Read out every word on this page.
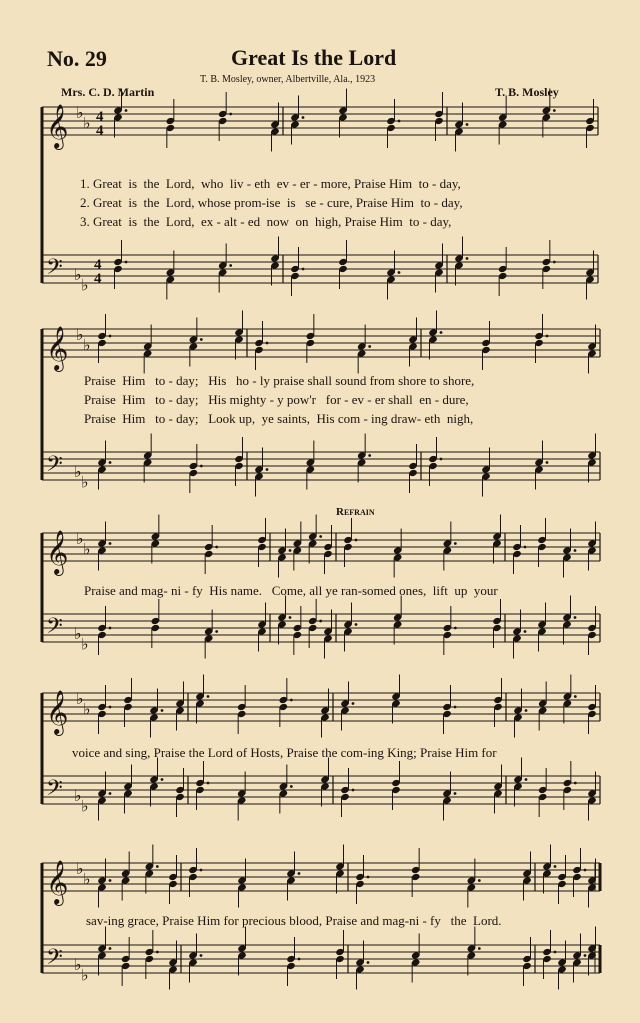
No. 29	Great Is the Lord
T. B. Mosley, owner, Albertville, Ala., 1923
Mrs. C. D. Martin	T. B. Mosley
Refrain
1. Great  is  the  Lord,  who  liv - eth  ev - er - more, Praise Him  to - day,
2. Great  is  the  Lord, whose prom-ise  is   se - cure, Praise Him  to - day,
3. Great  is  the  Lord,  ex - alt - ed  now  on  high, Praise Him  to - day,
Praise  Him   to - day;   His   ho - ly praise shall sound from shore to shore,
Praise  Him   to - day;   His mighty - y pow'r   for - ev - er shall  en - dure,
Praise  Him   to - day;   Look up,  ye saints,  His com - ing draw- eth  nigh,
Praise and mag- ni - fy  His name.   Come, all ye ran-somed ones,  lift  up  your
voice and sing, Praise the Lord of Hosts, Praise the com-ing King; Praise Him for
sav-ing grace, Praise Him for precious blood, Praise and mag-ni - fy   the  Lord.
𝄞 ♭
♭ 4
4
𝄢 ♭
♭
4
4
𝄞 ♭
♭
𝄢 ♭
♭
𝄞 ♭
♭
𝄢 ♭
♭
𝄞 ♭
♭
𝄢 ♭
♭
𝄞 ♭
♭
𝄢 ♭
♭
